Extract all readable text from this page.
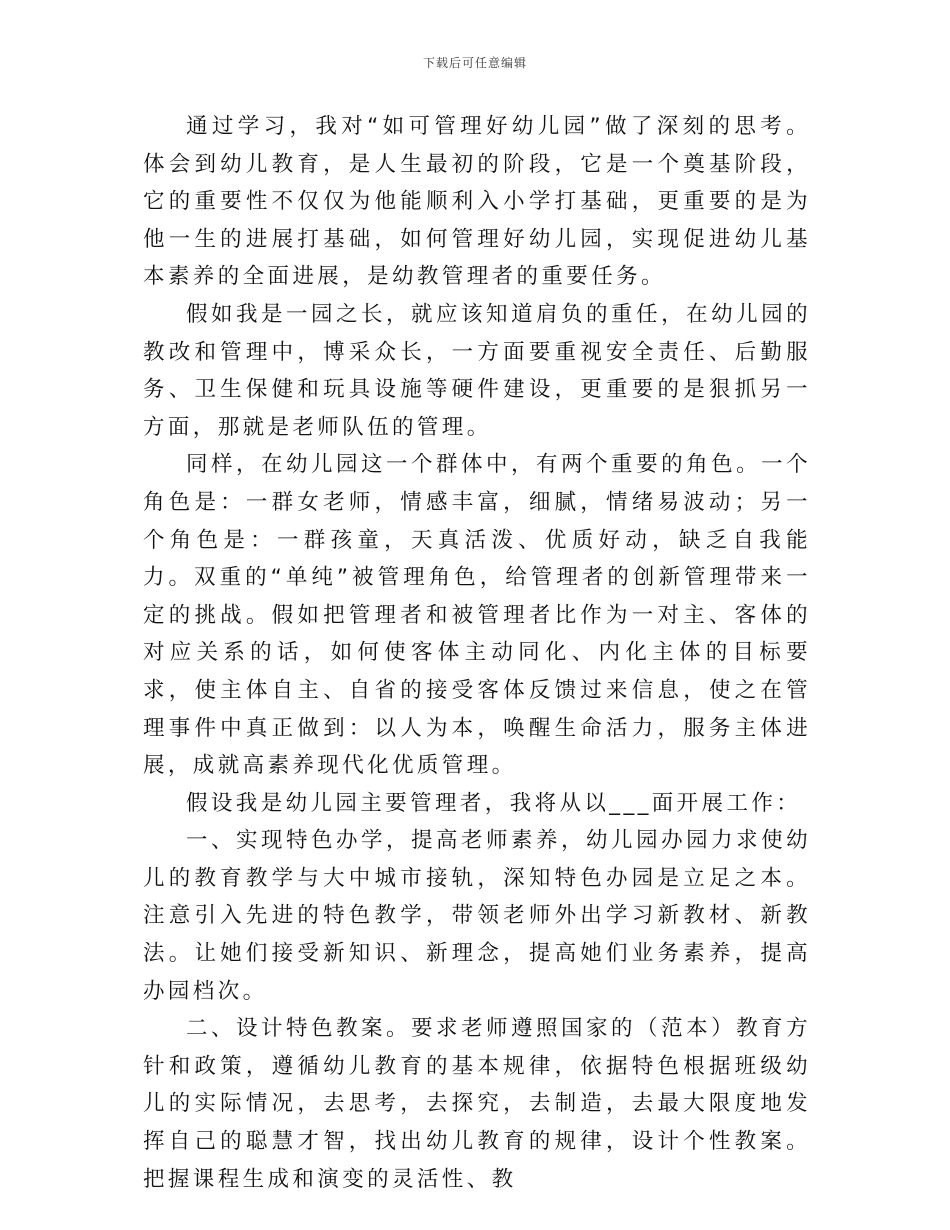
下载后可任意编辑

通过学习，我对“如可管理好幼儿园”做了深刻的思考。体会到幼儿教育，是人生最初的阶段，它是一个奠基阶段，它的重要性不仅仅为他能顺利入小学打基础，更重要的是为他一生的进展打基础，如何管理好幼儿园，实现促进幼儿基本素养的全面进展，是幼教管理者的重要任务。

假如我是一园之长，就应该知道肩负的重任，在幼儿园的教改和管理中，博采众长，一方面要重视安全责任、后勤服务、卫生保健和玩具设施等硬件建设，更重要的是狠抓另一方面，那就是老师队伍的管理。

同样，在幼儿园这一个群体中，有两个重要的角色。一个角色是：一群女老师，情感丰富，细腻，情绪易波动；另一个角色是：一群孩童，天真活泼、优质好动，缺乏自我能力。双重的“单纯”被管理角色，给管理者的创新管理带来一定的挑战。假如把管理者和被管理者比作为一对主、客体的对应关系的话，如何使客体主动同化、内化主体的目标要求，使主体自主、自省的接受客体反馈过来信息，使之在管理事件中真正做到：以人为本，唤醒生命活力，服务主体进展，成就高素养现代化优质管理。

假设我是幼儿园主要管理者，我将从以___面开展工作：

一、实现特色办学，提高老师素养，幼儿园办园力求使幼儿的教育教学与大中城市接轨，深知特色办园是立足之本。注意引入先进的特色教学，带领老师外出学习新教材、新教法。让她们接受新知识、新理念，提高她们业务素养，提高办园档次。

二、设计特色教案。要求老师遵照国家的（范本）教育方针和政策，遵循幼儿教育的基本规律，依据特色根据班级幼儿的实际情况，去思考，去探究，去制造，去最大限度地发挥自己的聪慧才智，找出幼儿教育的规律，设计个性教案。把握课程生成和演变的灵活性、教
